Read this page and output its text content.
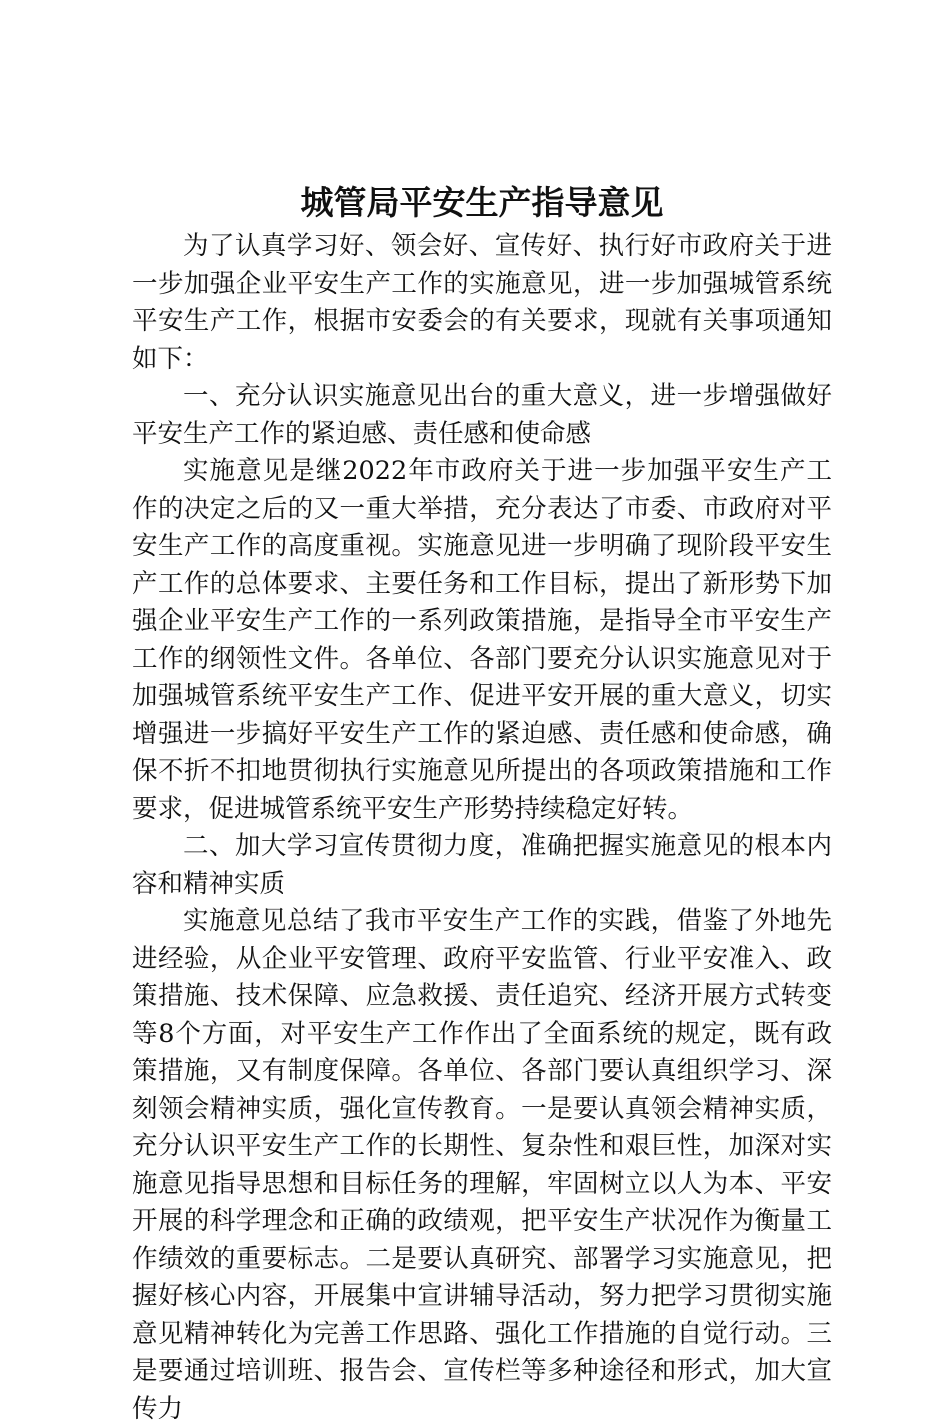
城管局平安生产指导意见

为了认真学习好、领会好、宣传好、执行好市政府关于进一步加强企业平安生产工作的实施意见，进一步加强城管系统平安生产工作，根据市安委会的有关要求，现就有关事项通知如下：

一、充分认识实施意见出台的重大意义，进一步增强做好平安生产工作的紧迫感、责任感和使命感

实施意见是继2022年市政府关于进一步加强平安生产工作的决定之后的又一重大举措，充分表达了市委、市政府对平安生产工作的高度重视。实施意见进一步明确了现阶段平安生产工作的总体要求、主要任务和工作目标，提出了新形势下加强企业平安生产工作的一系列政策措施，是指导全市平安生产工作的纲领性文件。各单位、各部门要充分认识实施意见对于加强城管系统平安生产工作、促进平安开展的重大意义，切实增强进一步搞好平安生产工作的紧迫感、责任感和使命感，确保不折不扣地贯彻执行实施意见所提出的各项政策措施和工作要求，促进城管系统平安生产形势持续稳定好转。

二、加大学习宣传贯彻力度，准确把握实施意见的根本内容和精神实质

实施意见总结了我市平安生产工作的实践，借鉴了外地先进经验，从企业平安管理、政府平安监管、行业平安准入、政策措施、技术保障、应急救援、责任追究、经济开展方式转变等8个方面，对平安生产工作作出了全面系统的规定，既有政策措施，又有制度保障。各单位、各部门要认真组织学习、深刻领会精神实质，强化宣传教育。一是要认真领会精神实质，充分认识平安生产工作的长期性、复杂性和艰巨性，加深对实施意见指导思想和目标任务的理解，牢固树立以人为本、平安开展的科学理念和正确的政绩观，把平安生产状况作为衡量工作绩效的重要标志。二是要认真研究、部署学习实施意见，把握好核心内容，开展集中宣讲辅导活动，努力把学习贯彻实施意见精神转化为完善工作思路、强化工作措施的自觉行动。三是要通过培训班、报告会、宣传栏等多种途径和形式，加大宣传力
